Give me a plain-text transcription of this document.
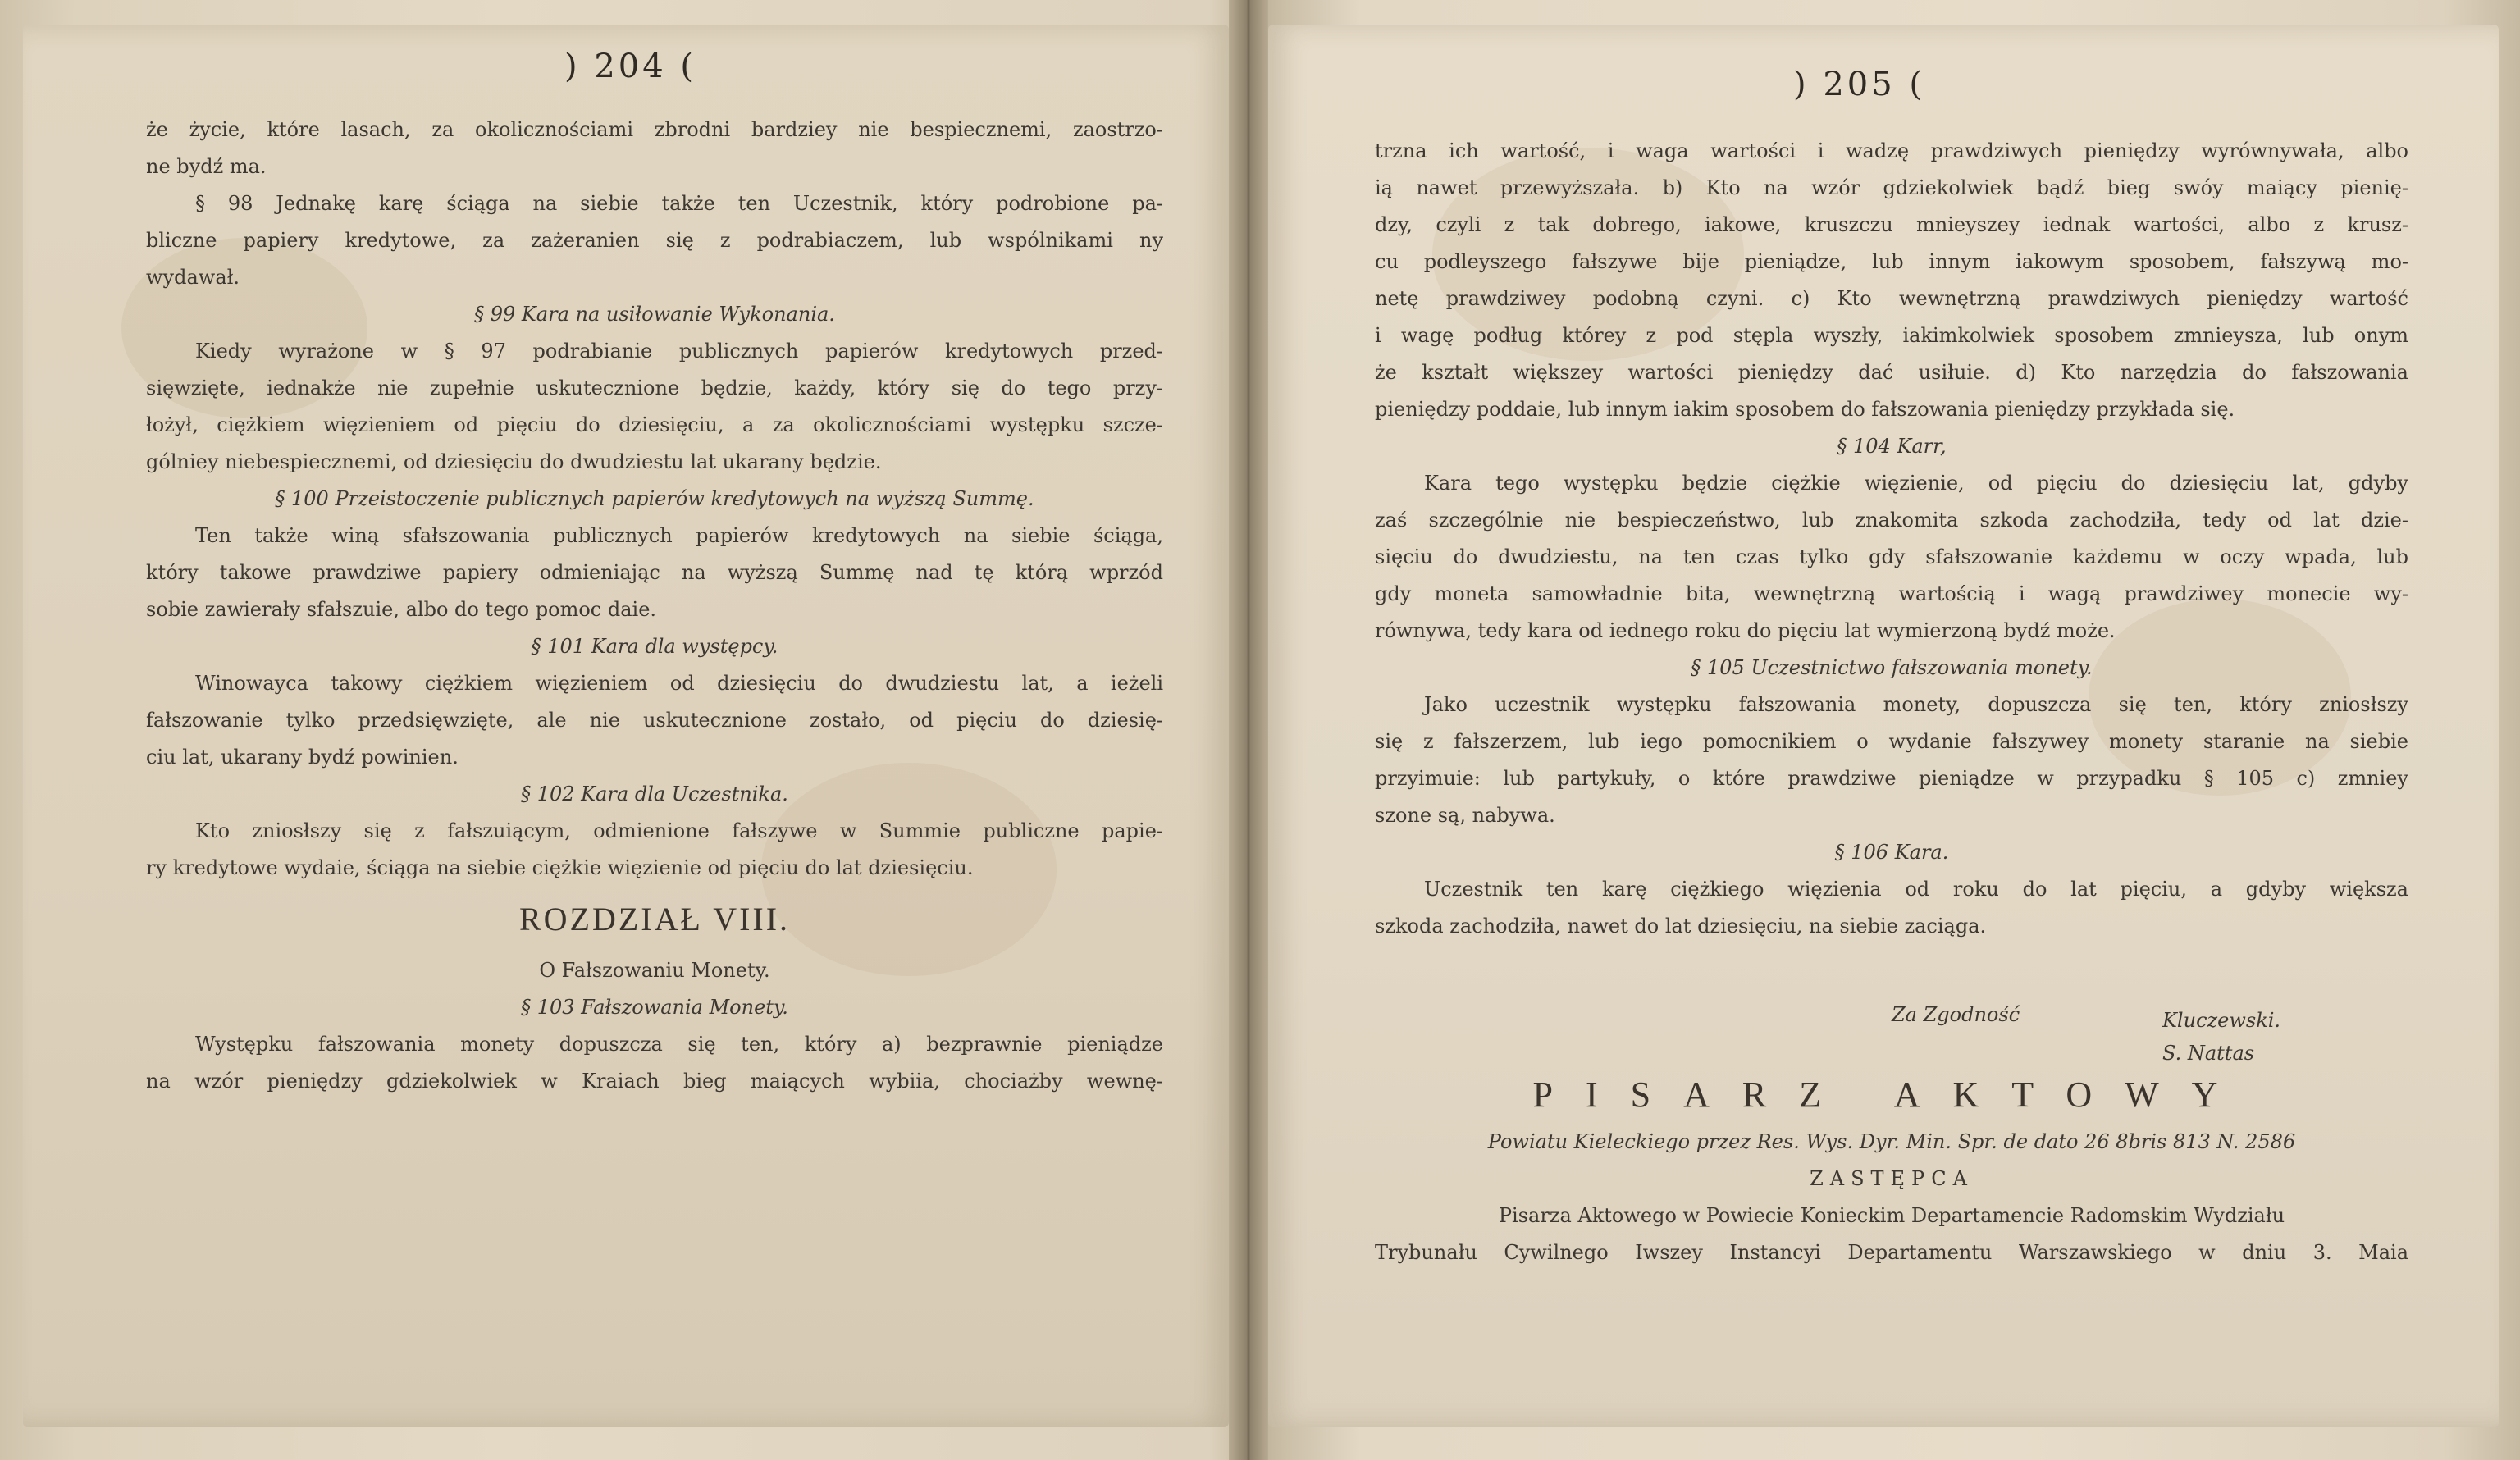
) 204 (
że życie, które lasach, za okolicznościami zbrodni bardziey nie bespiecznemi, zaostrzo-
ne bydź ma.
§ 98 Jednakę karę ściąga na siebie także ten Uczestnik, który podrobione pa-
bliczne papiery kredytowe, za zażeranien się z podrabiaczem, lub wspólnikami ny
wydawał.
§ 99 Kara na usiłowanie Wykonania.
Kiedy wyrażone w § 97 podrabianie publicznych papierów kredytowych przed-
sięwzięte, iednakże nie zupełnie uskutecznione będzie, każdy, który się do tego przy-
łożył, ciężkiem więzieniem od pięciu do dziesięciu, a za okolicznościami występku szcze-
gólniey niebespiecznemi, od dziesięciu do dwudziestu lat ukarany będzie.
§ 100 Przeistoczenie publicznych papierów kredytowych na wyższą Summę.
Ten także winą sfałszowania publicznych papierów kredytowych na siebie ściąga,
który takowe prawdziwe papiery odmieniając na wyższą Summę nad tę którą wprzód
sobie zawierały sfałszuie, albo do tego pomoc daie.
§ 101 Kara dla występcy.
Winowayca takowy ciężkiem więzieniem od dziesięciu do dwudziestu lat, a ieżeli
fałszowanie tylko przedsięwzięte, ale nie uskutecznione zostało, od pięciu do dziesię-
ciu lat, ukarany bydź powinien.
§ 102 Kara dla Uczestnika.
Kto zniosłszy się z fałszuiącym, odmienione fałszywe w Summie publiczne papie-
ry kredytowe wydaie, ściąga na siebie ciężkie więzienie od pięciu do lat dziesięciu.
ROZDZIAŁ VIII.
O Fałszowaniu Monety.
§ 103 Fałszowania Monety.
Występku fałszowania monety dopuszcza się ten, który a) bezprawnie pieniądze
na wzór pieniędzy gdziekolwiek w Kraiach bieg maiących wybiia, chociażby wewnę-
) 205 (
trzna ich wartość, i waga wartości i wadzę prawdziwych pieniędzy wyrównywała, albo
ią nawet przewyższała. b) Kto na wzór gdziekolwiek bądź bieg swóy maiący pienię-
dzy, czyli z tak dobrego, iakowe, kruszczu mnieyszey iednak wartości, albo z krusz-
cu podleyszego fałszywe bije pieniądze, lub innym iakowym sposobem, fałszywą mo-
netę prawdziwey podobną czyni. c) Kto wewnętrzną prawdziwych pieniędzy wartość
i wagę podług którey z pod stępla wyszły, iakimkolwiek sposobem zmnieysza, lub onym
że kształt większey wartości pieniędzy dać usiłuie. d) Kto narzędzia do fałszowania
pieniędzy poddaie, lub innym iakim sposobem do fałszowania pieniędzy przykłada się.
§ 104 Karr,
Kara tego występku będzie ciężkie więzienie, od pięciu do dziesięciu lat, gdyby
zaś szczególnie nie bespieczeństwo, lub znakomita szkoda zachodziła, tedy od lat dzie-
sięciu do dwudziestu, na ten czas tylko gdy sfałszowanie każdemu w oczy wpada, lub
gdy moneta samowładnie bita, wewnętrzną wartością i wagą prawdziwey monecie wy-
równywa, tedy kara od iednego roku do pięciu lat wymierzoną bydź może.
§ 105 Uczestnictwo fałszowania monety.
Jako uczestnik występku fałszowania monety, dopuszcza się ten, który zniosłszy
się z fałszerzem, lub iego pomocnikiem o wydanie fałszywey monety staranie na siebie
przyimuie: lub partykuły, o które prawdziwe pieniądze w przypadku § 105 c) zmniey
szone są, nabywa.
§ 106 Kara.
Uczestnik ten karę ciężkiego więzienia od roku do lat pięciu, a gdyby większa
szkoda zachodziła, nawet do lat dziesięciu, na siebie zaciąga.
Za Zgodność	Kluczewski.
S. Nattas
PISARZ AKTOWY
Powiatu Kieleckiego przez Res. Wys. Dyr. Min. Spr. de dato 26 8bris 813 N. 2586
ZASTĘPCA
Pisarza Aktowego w Powiecie Konieckim Departamencie Radomskim Wydziału
Trybunału Cywilnego Iwszey Instancyi Departamentu Warszawskiego w dniu 3. Maia
